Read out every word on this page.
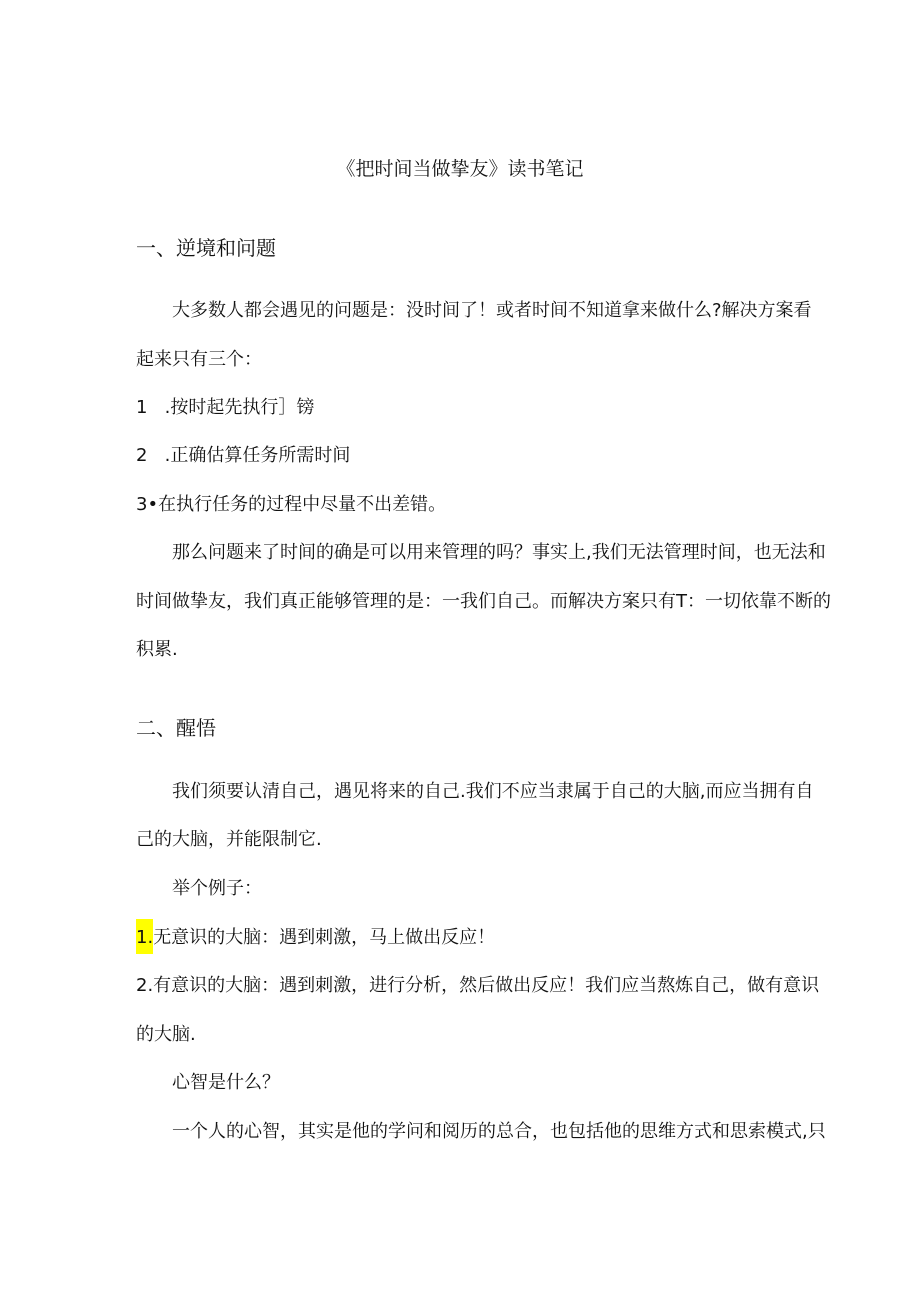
《把时间当做挚友》读书笔记
一、逆境和问题
大多数人都会遇见的问题是：没时间了！或者时间不知道拿来做什么?解决方案看
起来只有三个：
1   .按时起先执行］镑
2   .正确估算任务所需时间
3•在执行任务的过程中尽量不出差错。
那么问题来了时间的确是可以用来管理的吗？事实上,我们无法管理时间，也无法和
时间做挚友，我们真正能够管理的是：一我们自己。而解决方案只有T：一切依靠不断的
积累.
二、醒悟
我们须要认清自己，遇见将来的自己.我们不应当隶属于自己的大脑,而应当拥有自
己的大脑，并能限制它.
举个例子：
1.无意识的大脑：遇到刺激，马上做出反应！
2.有意识的大脑：遇到刺激，进行分析，然后做出反应！我们应当熬炼自己，做有意识
的大脑.
心智是什么？
一个人的心智，其实是他的学问和阅历的总合，也包括他的思维方式和思索模式,只
